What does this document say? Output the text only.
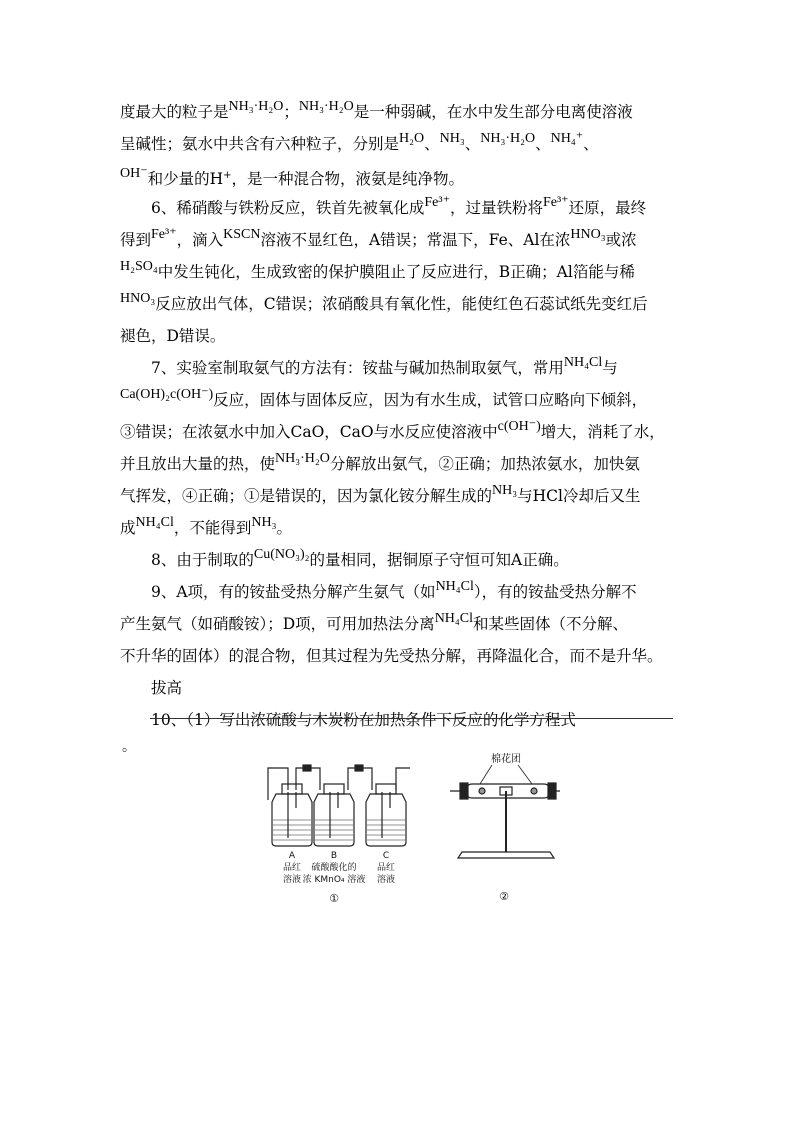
度最大的粒子是NH₃·H₂O；NH₃·H₂O是一种弱碱，在水中发生部分电离使溶液
呈碱性；氨水中共含有六种粒子，分别是H₂O、NH₃、NH₃·H₂O、NH₄⁺、
OH⁻和少量的H+，是一种混合物，液氨是纯净物。
6、稀硝酸与铁粉反应，铁首先被氧化成Fe³⁺，过量铁粉将Fe³⁺还原，最终
得到Fe³⁺，滴入KSCN溶液不显红色，A错误；常温下，Fe、Al在浓HNO₃或浓
H₂SO₄中发生钝化，生成致密的保护膜阻止了反应进行，B正确；Al箔能与稀
HNO₃反应放出气体，C错误；浓硝酸具有氧化性，能使红色石蕊试纸先变红后
褪色，D错误。
7、实验室制取氨气的方法有：铵盐与碱加热制取氨气，常用NH₄Cl与
Ca(OH)₂c(OH⁻)反应，固体与固体反应，因为有水生成，试管口应略向下倾斜，
③错误；在浓氨水中加入CaO，CaO与水反应使溶液中c(OH⁻)增大，消耗了水，
并且放出大量的热，使NH₃·H₂O分解放出氨气，②正确；加热浓氨水，加快氨
气挥发，④正确；①是错误的，因为氯化铵分解生成的NH₃与HCl冷却后又生
成NH₄Cl，不能得到NH₃。
8、由于制取的Cu(NO₃)₂的量相同，据铜原子守恒可知A正确。
9、A项，有的铵盐受热分解产生氨气（如NH₄Cl），有的铵盐受热分解不
产生氨气（如硝酸铵）；D项，可用加热法分离NH₄Cl和某些固体（不分解、
不升华的固体）的混合物，但其过程为先受热分解，再降温化合，而不是升华。
拔高
10、（1）写出浓硫酸与木炭粉在加热条件下反应的化学方程式
。
A
品红
溶液
B
硫酸酸化的
浓 KMnO₄ 溶液
C
品红
溶液
①
棉花团
②
